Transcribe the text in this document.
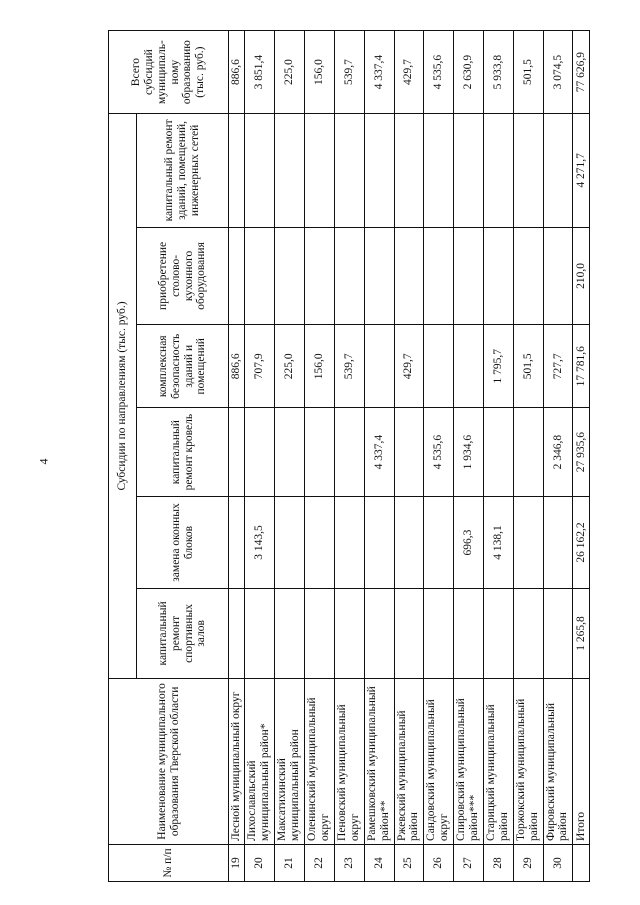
4
№ п/п	Наименование муниципального образования Тверской области	Субсидии по направлениям (тыс. руб.)						Всего субсидий муниципаль-ному образованию (тыс. руб.)
		капитальный ремонт спортивных залов	замена оконных блоков	капитальный ремонт кровель	комплексная безопасность зданий и помещений	приобретение столово-кухонного оборудования	капитальный ремонт зданий, помещений, инженерных сетей	
19	Лесной муниципальный округ				886,6			886,6
20	Лихославльский муниципальный район*		3 143,5		707,9			3 851,4
21	Максатихинский муниципальный район				225,0			225,0
22	Оленинский муниципальный округ				156,0			156,0
23	Пеновский муниципальный округ				539,7			539,7
24	Рамешковский муниципальный район**			4 337,4				4 337,4
25	Ржевский муниципальный район				429,7			429,7
26	Сандовский муниципальный округ			4 535,6				4 535,6
27	Спировский муниципальный район***		696,3	1 934,6				2 630,9
28	Старицкий муниципальный район		4 138,1		1 795,7			5 933,8
29	Торжокский муниципальный район				501,5			501,5
30	Фировский муниципальный район			2 346,8	727,7			3 074,5
	Итого	1 265,8	26 162,2	27 935,6	17 781,6	210,0	4 271,7	77 626,9
